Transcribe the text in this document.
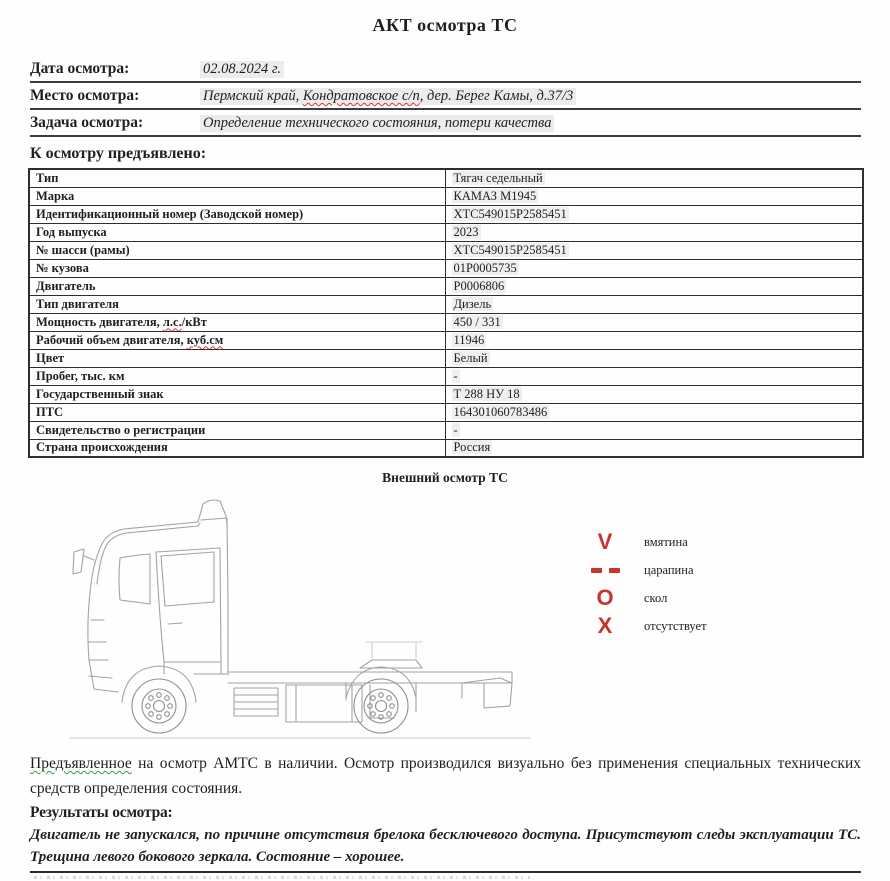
АКТ осмотра ТС
Дата осмотра:	02.08.2024 г.
Место осмотра:	Пермский край, Кондратовское с/п, дер. Берег Камы, д.37/3
Задача осмотра:	Определение технического состояния, потери качества
К осмотру предъявлено:
Тип	Тягач седельный
Марка	КАМАЗ М1945
Идентификационный номер (Заводской номер)	XTC549015P2585451
Год выпуска	2023
№ шасси (рамы)	XTC549015P2585451
№ кузова	01P0005735
Двигатель	P0006806
Тип двигателя	Дизель
Мощность двигателя, л.с./кВт	450 / 331
Рабочий объем двигателя, куб.см	11946
Цвет	Белый
Пробег, тыс. км	-
Государственный знак	Т 288 НУ 18
ПТС	164301060783486
Свидетельство о регистрации	-
Страна происхождения	Россия
Внешний осмотр ТС
V	вмятина
царапина
O	скол
X	отсутствует

Предъявленное на осмотр АМТС в наличии. Осмотр производился визуально без применения специальных технических средств определения состояния.

Результаты осмотра:

Двигатель не запускался, по причине отсутствия брелока бесключевого доступа. Присутствуют следы эксплуатации ТС. Трещина левого бокового зеркала. Состояние – хорошее.
